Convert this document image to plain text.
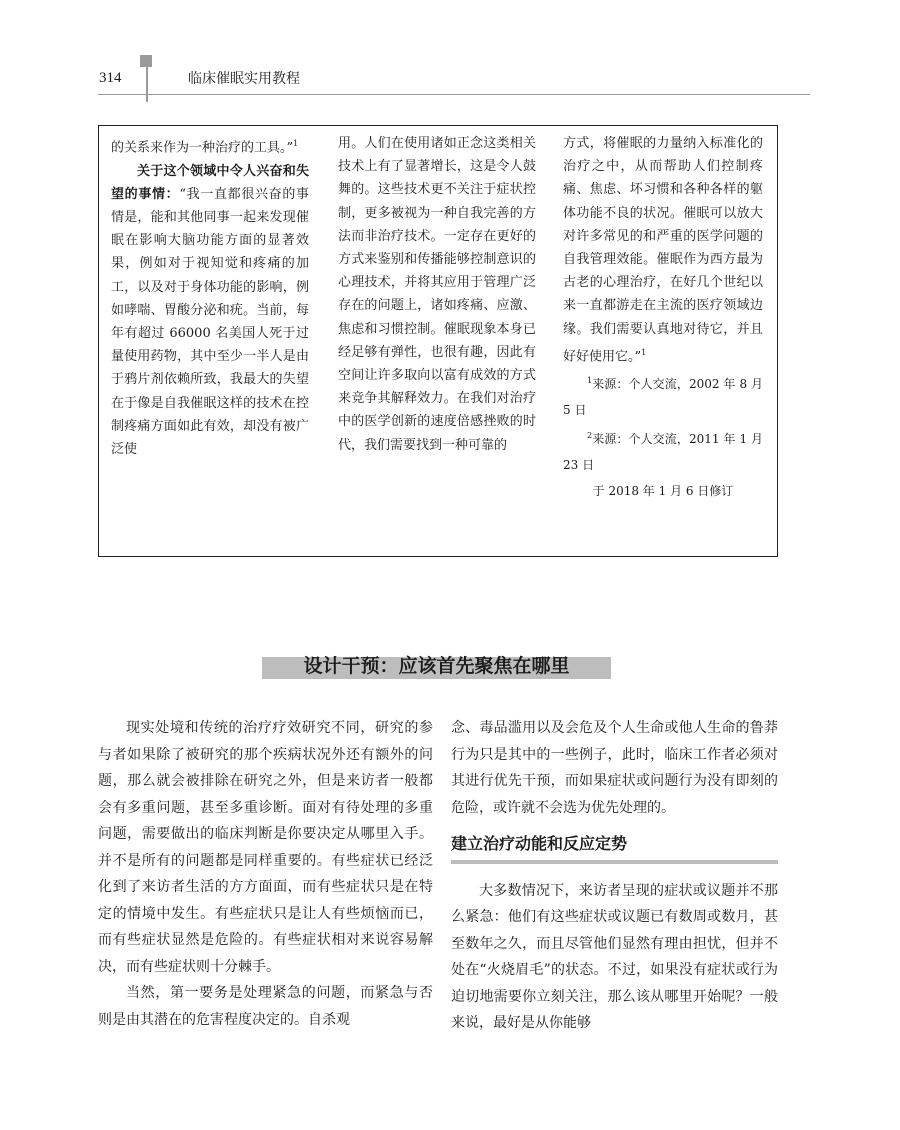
314	临床催眠实用教程

的关系来作为一种治疗的工具。”$^1$

关于这个领域中令人兴奋和失望的事情：“我一直都很兴奋的事情是，能和其他同事一起来发现催眠在影响大脑功能方面的显著效果，例如对于视知觉和疼痛的加工，以及对于身体功能的影响，例如哮喘、胃酸分泌和疣。当前，每年有超过 66000 名美国人死于过量使用药物，其中至少一半人是由于鸦片剂依赖所致，我最大的失望在于像是自我催眠这样的技术在控制疼痛方面如此有效，却没有被广泛使

用。人们在使用诸如正念这类相关技术上有了显著增长，这是令人鼓舞的。这些技术更不关注于症状控制，更多被视为一种自我完善的方法而非治疗技术。一定存在更好的方式来鉴别和传播能够控制意识的心理技术，并将其应用于管理广泛存在的问题上，诸如疼痛、应激、焦虑和习惯控制。催眠现象本身已经足够有弹性，也很有趣，因此有空间让许多取向以富有成效的方式来竞争其解释效力。在我们对治疗中的医学创新的速度倍感挫败的时代，我们需要找到一种可靠的

方式，将催眠的力量纳入标准化的治疗之中，从而帮助人们控制疼痛、焦虑、坏习惯和各种各样的躯体功能不良的状况。催眠可以放大对许多常见的和严重的医学问题的自我管理效能。催眠作为西方最为古老的心理治疗，在好几个世纪以来一直都游走在主流的医疗领域边缘。我们需要认真地对待它，并且好好使用它。”$^1$

$^1$来源：个人交流，2002 年 8 月 5 日

$^2$来源：个人交流，2011 年 1 月 23 日

于 2018 年 1 月 6 日修订

设计干预：应该首先聚焦在哪里

现实处境和传统的治疗疗效研究不同，研究的参与者如果除了被研究的那个疾病状况外还有额外的问题，那么就会被排除在研究之外，但是来访者一般都会有多重问题，甚至多重诊断。面对有待处理的多重问题，需要做出的临床判断是你要决定从哪里入手。并不是所有的问题都是同样重要的。有些症状已经泛化到了来访者生活的方方面面，而有些症状只是在特定的情境中发生。有些症状只是让人有些烦恼而已，而有些症状显然是危险的。有些症状相对来说容易解决，而有些症状则十分棘手。

当然，第一要务是处理紧急的问题，而紧急与否则是由其潜在的危害程度决定的。自杀观

念、毒品滥用以及会危及个人生命或他人生命的鲁莽行为只是其中的一些例子，此时，临床工作者必须对其进行优先干预，而如果症状或问题行为没有即刻的危险，或许就不会选为优先处理的。

建立治疗动能和反应定势

大多数情况下，来访者呈现的症状或议题并不那么紧急：他们有这些症状或议题已有数周或数月，甚至数年之久，而且尽管他们显然有理由担忧，但并不处在“火烧眉毛”的状态。不过，如果没有症状或行为迫切地需要你立刻关注，那么该从哪里开始呢？一般来说，最好是从你能够
